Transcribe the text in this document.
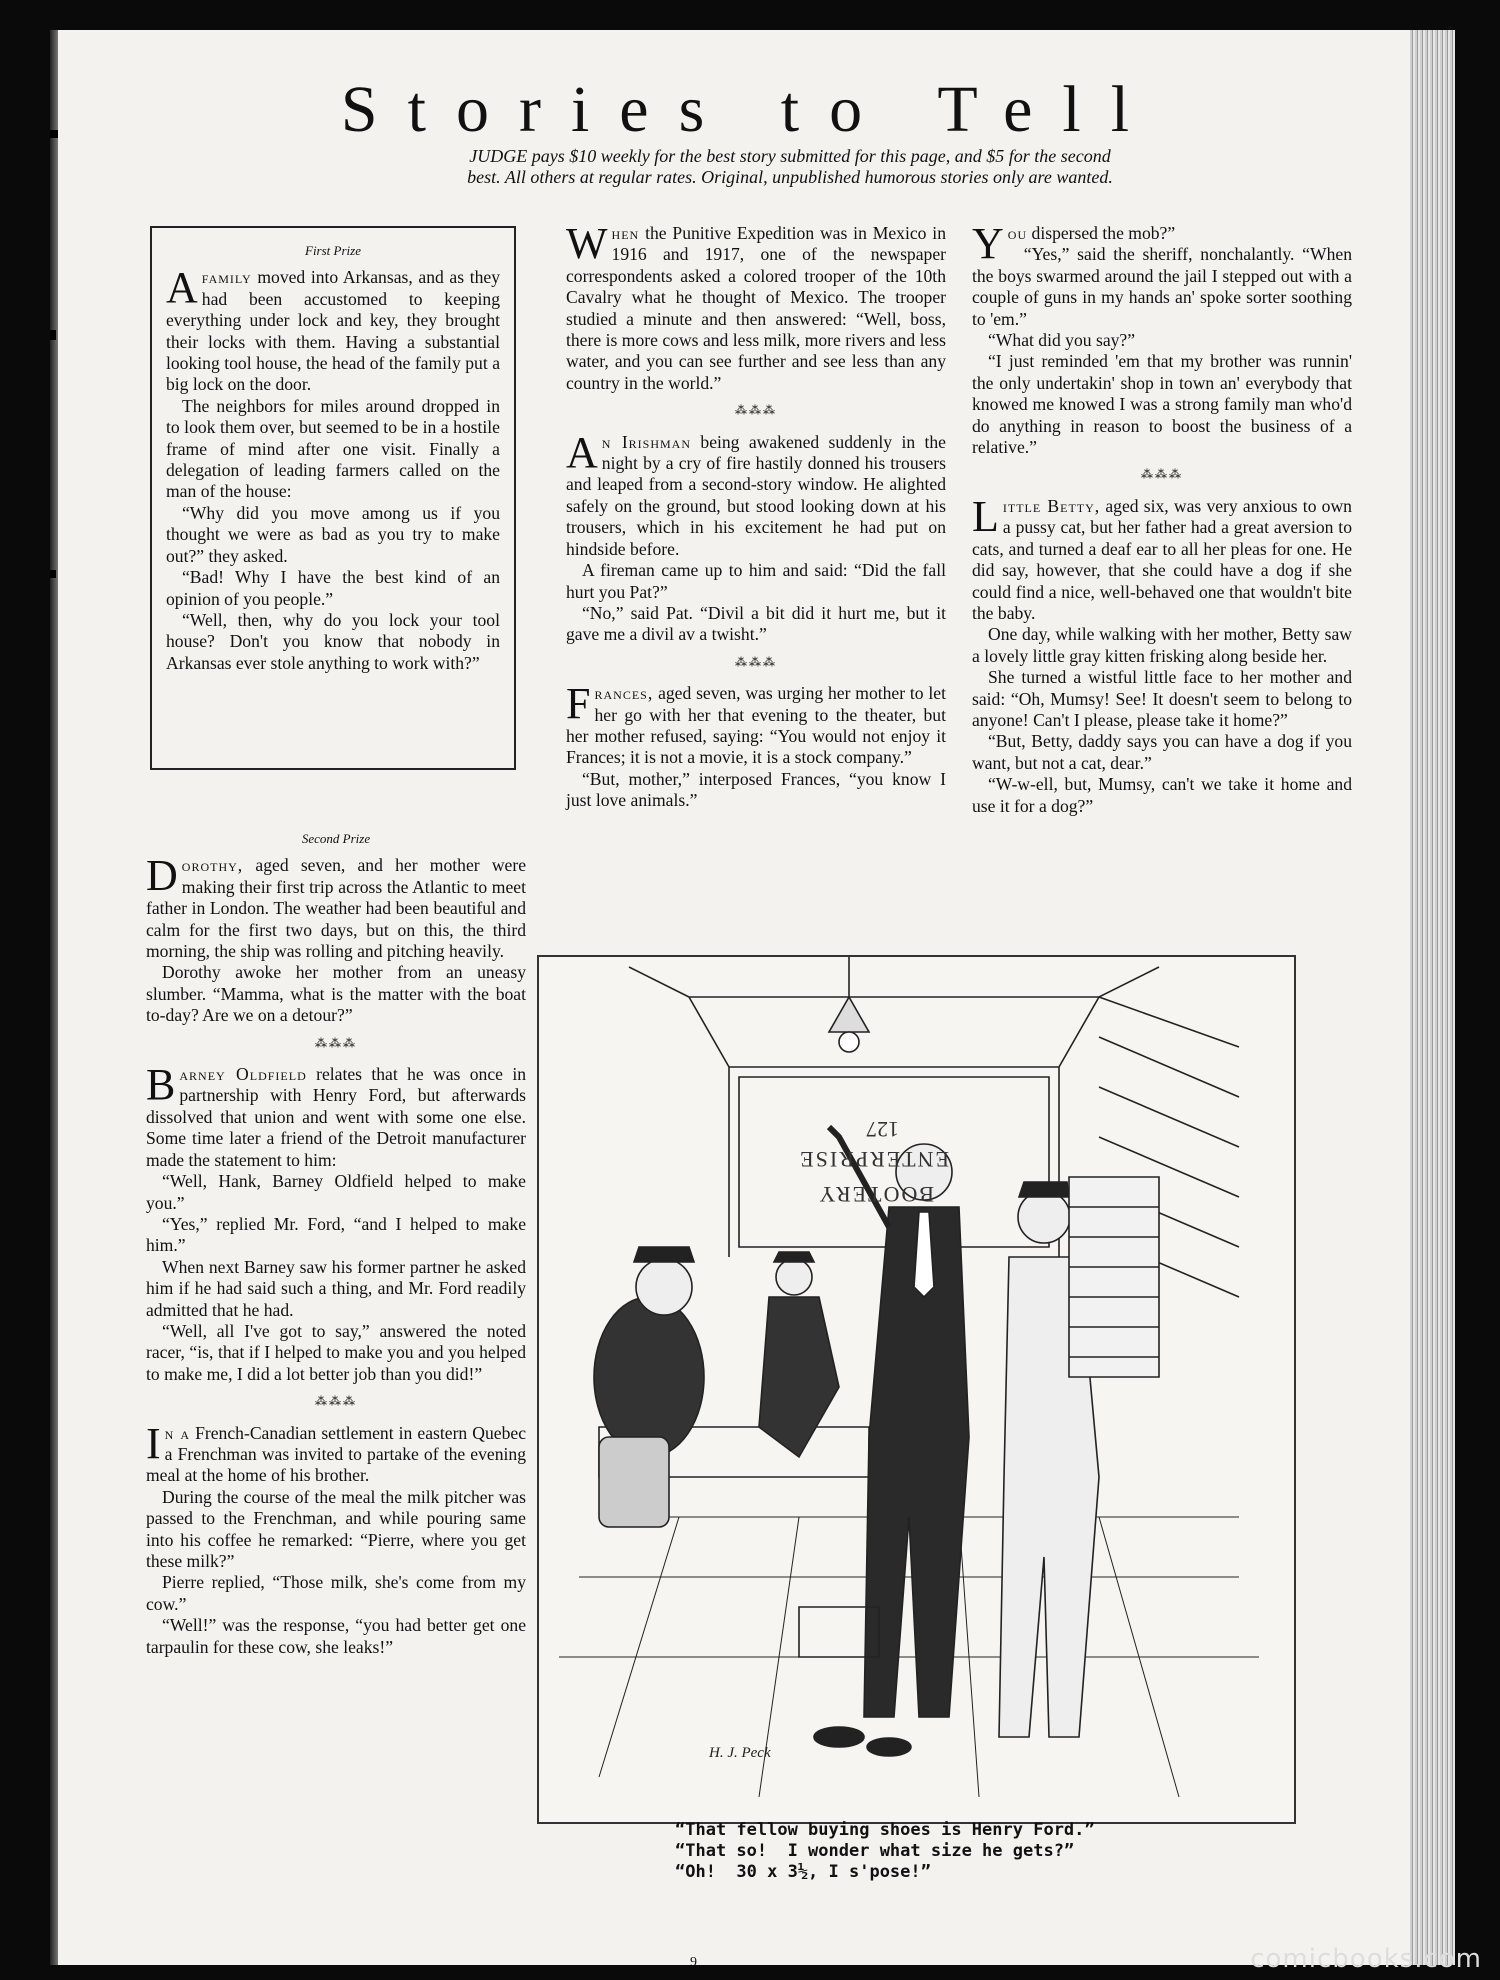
Stories to Tell
JUDGE pays $10 weekly for the best story submitted for this page, and $5 for the second
best. All others at regular rates. Original, unpublished humorous stories only are wanted.
First Prize

Afamily moved into Arkansas, and as they had been accustomed to keeping everything under lock and key, they brought their locks with them. Having a substantial looking tool house, the head of the family put a big lock on the door.

The neighbors for miles around dropped in to look them over, but seemed to be in a hostile frame of mind after one visit. Finally a delegation of leading farmers called on the man of the house:

“Why did you move among us if you thought we were as bad as you try to make out?” they asked.

“Bad! Why I have the best kind of an opinion of you people.”

“Well, then, why do you lock your tool house? Don't you know that nobody in Arkansas ever stole anything to work with?”

Second Prize

Dorothy, aged seven, and her mother were making their first trip across the Atlantic to meet father in London. The weather had been beautiful and calm for the first two days, but on this, the third morning, the ship was rolling and pitching heavily.

Dorothy awoke her mother from an uneasy slumber. “Mamma, what is the matter with the boat to-day? Are we on a detour?”

⁂⁂⁂

Barney Oldfield relates that he was once in partnership with Henry Ford, but afterwards dissolved that union and went with some one else. Some time later a friend of the Detroit manufacturer made the statement to him:

“Well, Hank, Barney Oldfield helped to make you.”

“Yes,” replied Mr. Ford, “and I helped to make him.”

When next Barney saw his former partner he asked him if he had said such a thing, and Mr. Ford readily admitted that he had.

“Well, all I've got to say,” answered the noted racer, “is, that if I helped to make you and you helped to make me, I did a lot better job than you did!”

⁂⁂⁂

In a French-Canadian settlement in eastern Quebec a Frenchman was invited to partake of the evening meal at the home of his brother.

During the course of the meal the milk pitcher was passed to the Frenchman, and while pouring same into his coffee he remarked: “Pierre, where you get these milk?”

Pierre replied, “Those milk, she's come from my cow.”

“Well!” was the response, “you had better get one tarpaulin for these cow, she leaks!”

When the Punitive Expedition was in Mexico in 1916 and 1917, one of the newspaper correspondents asked a colored trooper of the 10th Cavalry what he thought of Mexico. The trooper studied a minute and then answered: “Well, boss, there is more cows and less milk, more rivers and less water, and you can see further and see less than any country in the world.”

⁂⁂⁂

An Irishman being awakened suddenly in the night by a cry of fire hastily donned his trousers and leaped from a second-story window. He alighted safely on the ground, but stood looking down at his trousers, which in his excitement he had put on hindside before.

A fireman came up to him and said: “Did the fall hurt you Pat?”

“No,” said Pat. “Divil a bit did it hurt me, but it gave me a divil av a twisht.”

⁂⁂⁂

Frances, aged seven, was urging her mother to let her go with her that evening to the theater, but her mother refused, saying: “You would not enjoy it Frances; it is not a movie, it is a stock company.”

“But, mother,” interposed Frances, “you know I just love animals.”

You dispersed the mob?”

“Yes,” said the sheriff, nonchalantly. “When the boys swarmed around the jail I stepped out with a couple of guns in my hands an' spoke sorter soothing to 'em.”

“What did you say?”

“I just reminded 'em that my brother was runnin' the only undertakin' shop in town an' everybody that knowed me knowed I was a strong family man who'd do anything in reason to boost the business of a relative.”

⁂⁂⁂

Little Betty, aged six, was very anxious to own a pussy cat, but her father had a great aversion to cats, and turned a deaf ear to all her pleas for one. He did say, however, that she could have a dog if she could find a nice, well-behaved one that wouldn't bite the baby.

One day, while walking with her mother, Betty saw a lovely little gray kitten frisking along beside her.

She turned a wistful little face to her mother and said: “Oh, Mumsy! See! It doesn't seem to belong to anyone! Can't I please, please take it home?”

“But, Betty, daddy says you can have a dog if you want, but not a cat, dear.”

“W-w-ell, but, Mumsy, can't we take it home and use it for a dog?”

127
ENTERPRISE
BOOTERY
H. J. Peck
“That fellow buying shoes is Henry Ford.”
“That so!  I wonder what size he gets?”
“Oh!  30 x 3½, I s'pose!”
9	comicbooks.com
